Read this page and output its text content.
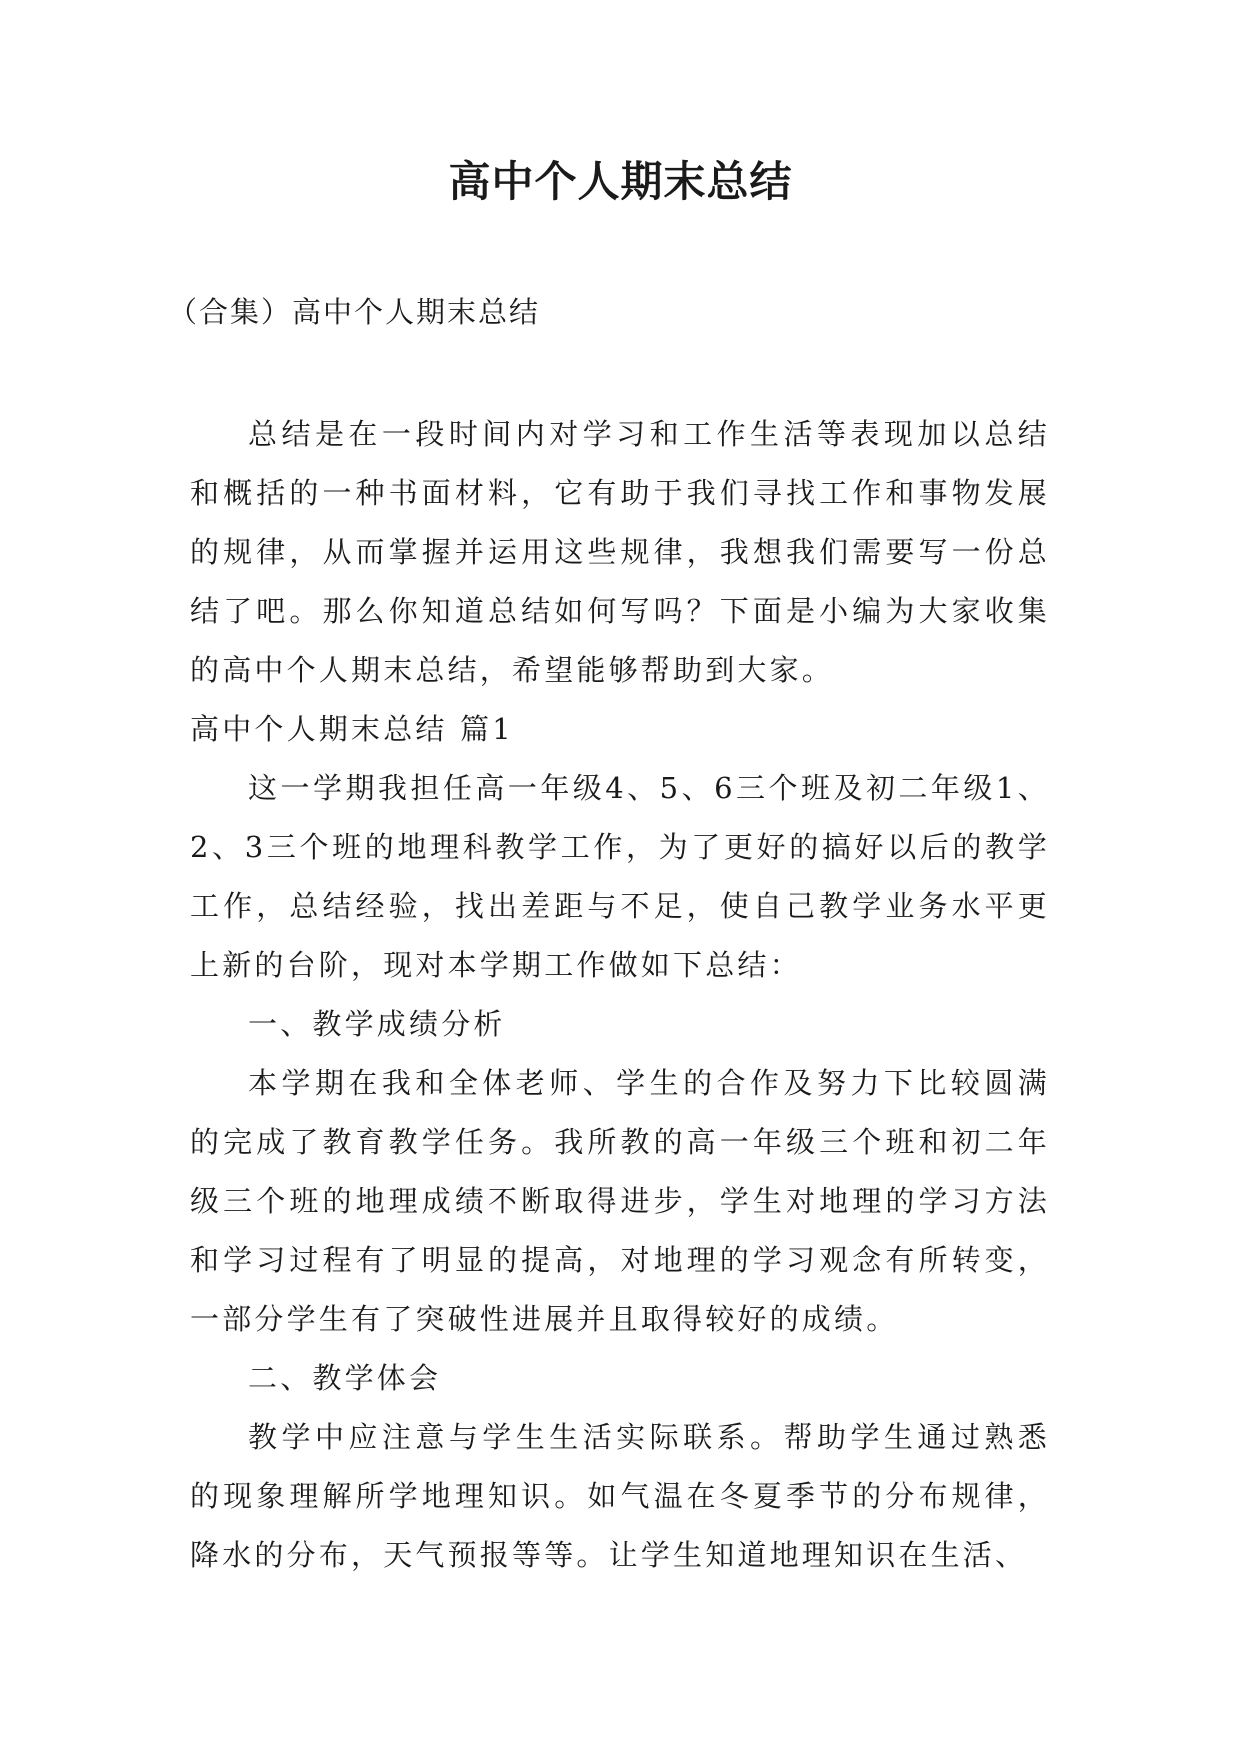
高中个人期末总结
（合集）高中个人期末总结

总结是在一段时间内对学习和工作生活等表现加以总结和概括的一种书面材料，它有助于我们寻找工作和事物发展的规律，从而掌握并运用这些规律，我想我们需要写一份总结了吧。那么你知道总结如何写吗？下面是小编为大家收集的高中个人期末总结，希望能够帮助到大家。

高中个人期末总结 篇1

这一学期我担任高一年级4、5、6三个班及初二年级1、2、3三个班的地理科教学工作，为了更好的搞好以后的教学工作，总结经验，找出差距与不足，使自己教学业务水平更上新的台阶，现对本学期工作做如下总结：

一、教学成绩分析

本学期在我和全体老师、学生的合作及努力下比较圆满的完成了教育教学任务。我所教的高一年级三个班和初二年级三个班的地理成绩不断取得进步，学生对地理的学习方法和学习过程有了明显的提高，对地理的学习观念有所转变，一部分学生有了突破性进展并且取得较好的成绩。

二、教学体会

教学中应注意与学生生活实际联系。帮助学生通过熟悉的现象理解所学地理知识。如气温在冬夏季节的分布规律，降水的分布，天气预报等等。让学生知道地理知识在生活、
